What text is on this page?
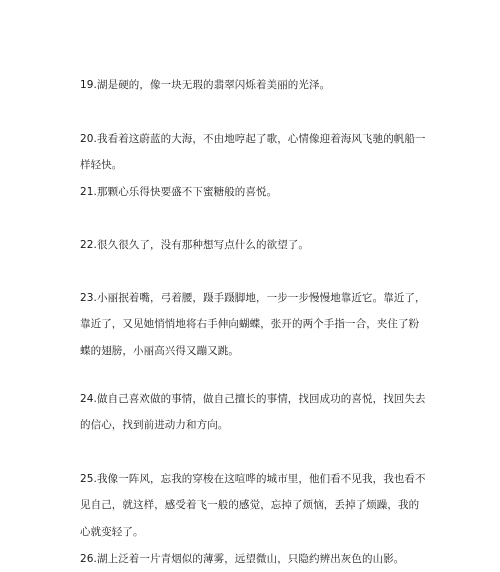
19.湖是硬的，像一块无瑕的翡翠闪烁着美丽的光泽。

20.我看着这蔚蓝的大海，不由地哼起了歌，心情像迎着海风飞驰的帆船一样轻快。

21.那颗心乐得快要盛不下蜜糖般的喜悦。

22.很久很久了，没有那种想写点什么的欲望了。

23.小丽抿着嘴，弓着腰，蹑手蹑脚地，一步一步慢慢地靠近它。靠近了，靠近了，又见她悄悄地将右手伸向蝴蝶，张开的两个手指一合，夹住了粉蝶的翅膀，小丽高兴得又蹦又跳。

24.做自己喜欢做的事情，做自己擅长的事情，找回成功的喜悦，找回失去的信心，找到前进动力和方向。

25.我像一阵风，忘我的穿梭在这喧哗的城市里，他们看不见我，我也看不见自己，就这样，感受着飞一般的感觉，忘掉了烦恼，丢掉了烦躁，我的心就变轻了。

26.湖上泛着一片青烟似的薄雾，远望微山，只隐约辨出灰色的山影。
